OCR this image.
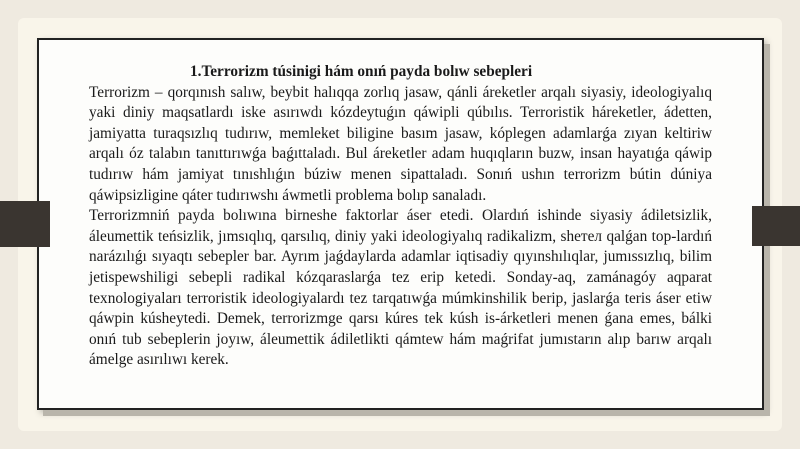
1.Terrorizm túsinigi hám onıń payda bolıw sebepleri

Terrorizm – qorqınısh salıw, beybit halıqqa zorlıq jasaw, qánli áreketler arqalı siyasiy, ideologiyalıq yaki diniy maqsatlardı iske asırıwdı kózdeytuǵın qáwipli qúbılıs. Terroristik háreketler, ádetten, jamiyatta turaqsızlıq tudırıw, memleket biligine basım jasaw, kóplegen adamlarǵa zıyan keltiriw arqalı óz talabın tanıttırıwǵa baǵıttaladı. Bul áreketler adam huqıqların buzw, insan hayatıǵa qáwip tudırıw hám jamiyat tınıshlıǵın búziw menen sipattaladı. Sonıń ushın terrorizm bútin dúniya qáwipsizligine qáter tudırıwshı áwmetli problema bolıp sanaladı.

Terrorizmniń payda bolıwına birneshe faktorlar áser etedi. Olardıń ishinde siyasiy ádiletsizlik, áleumettik teńsizlik, jımsıqlıq, qarsılıq, diniy yaki ideologiyalıq radikalizm, shетел qalǵan top-lardıń narázılıǵı sıyaqtı sebepler bar. Ayrım jaǵdaylarda adamlar iqtisadiy qıyınshılıqlar, jumıssızlıq, bilim jetispewshiligi sebepli radikal kózqaraslarǵa tez erip ketedi. Sonday-aq, zamánagóy aqparat texnologiyaları terroristik ideologiyalardı tez tarqatıwǵa múmkinshilik berip, jaslarǵa teris áser etiw qáwpin kúsheytedi. Demek, terrorizmge qarsı kúres tek kúsh is-árketleri menen ǵana emes, bálki onıń tub sebeplerin joyıw, áleumettik ádiletlikti qámtew hám maǵrifat jumıstarın alıp barıw arqalı ámelge asırılıwı kerek.
